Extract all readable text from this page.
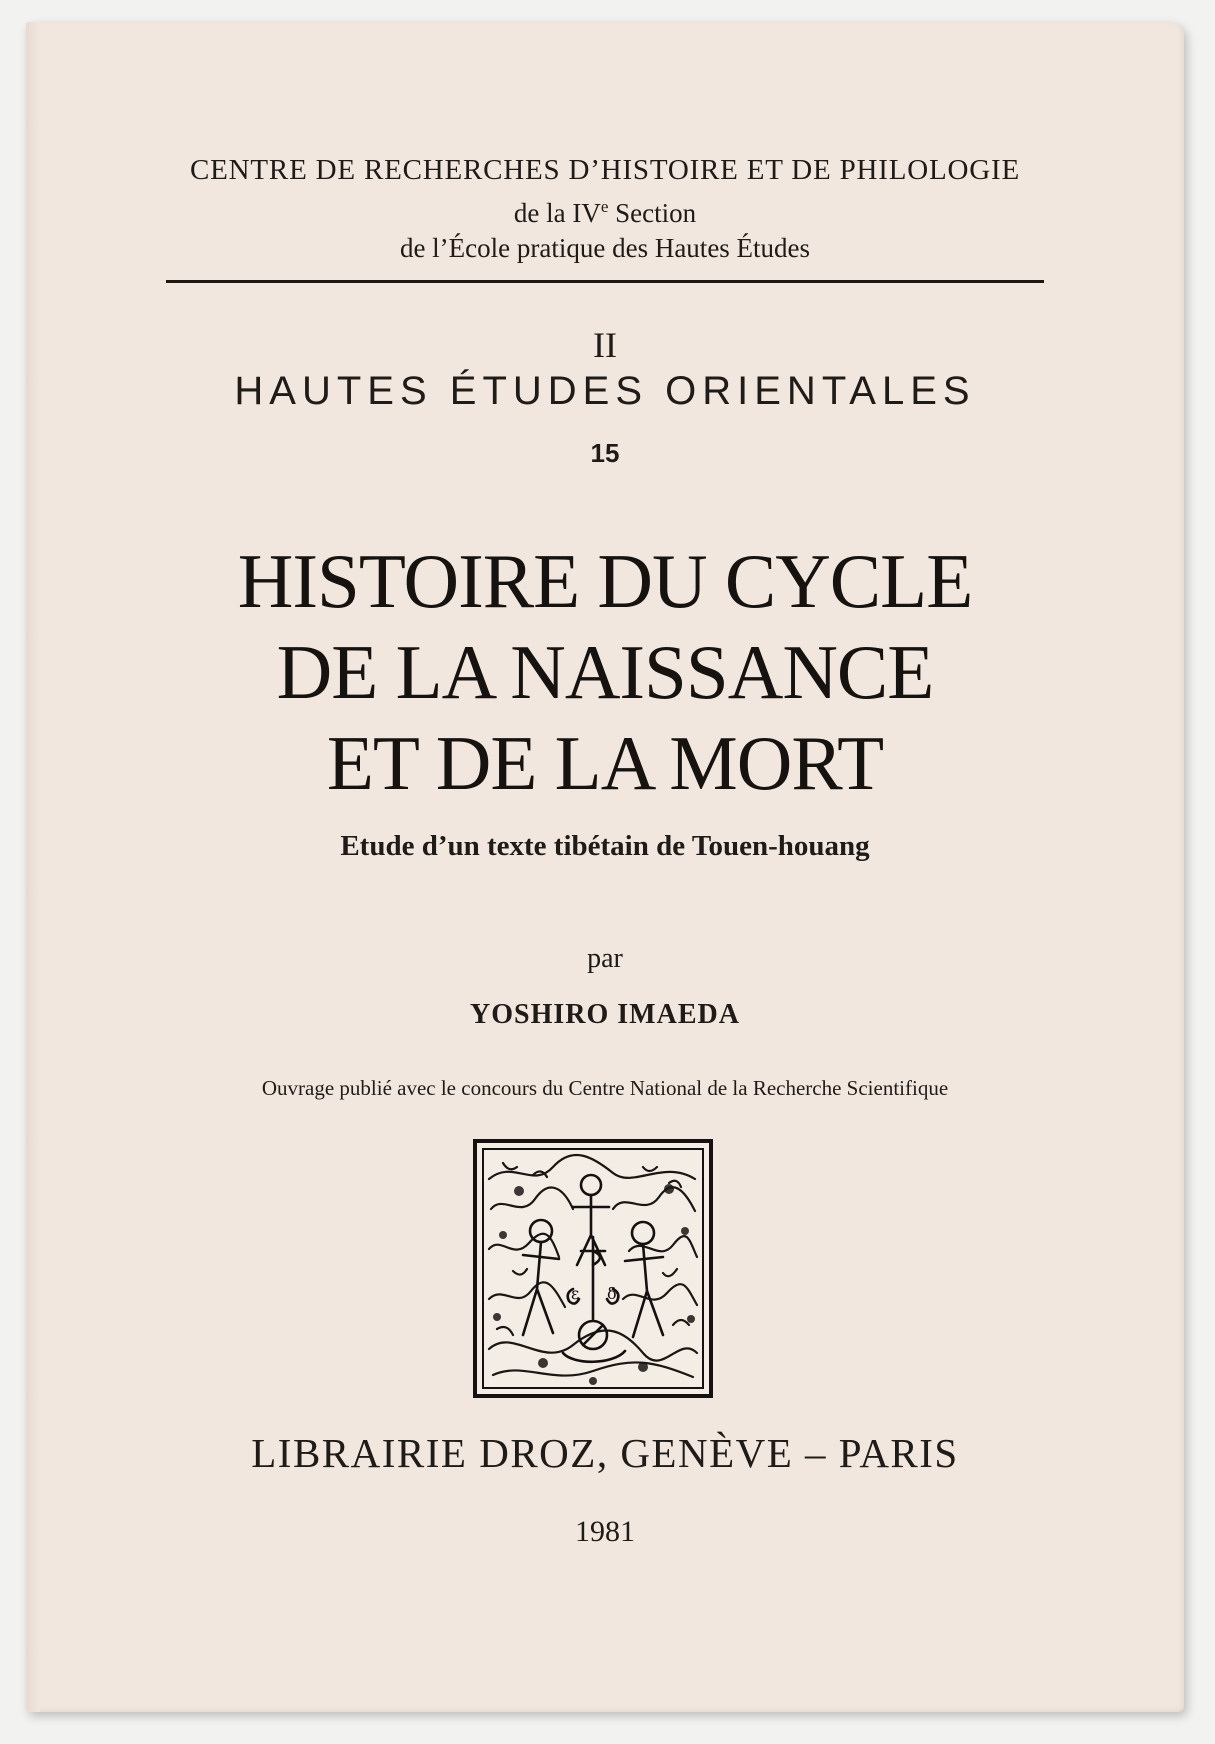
CENTRE DE RECHERCHES D’HISTOIRE ET DE PHILOLOGIE
de la IVe Section
de l’École pratique des Hautes Études
II
HAUTES ÉTUDES ORIENTALES
15
HISTOIRE DU CYCLE
DE LA NAISSANCE
ET DE LA MORT
Etude d’un texte tibétain de Touen-houang
par
YOSHIRO IMAEDA
Ouvrage publié avec le concours du Centre National de la Recherche Scientifique
ε δ
LIBRAIRIE DROZ, GENÈVE – PARIS
1981
